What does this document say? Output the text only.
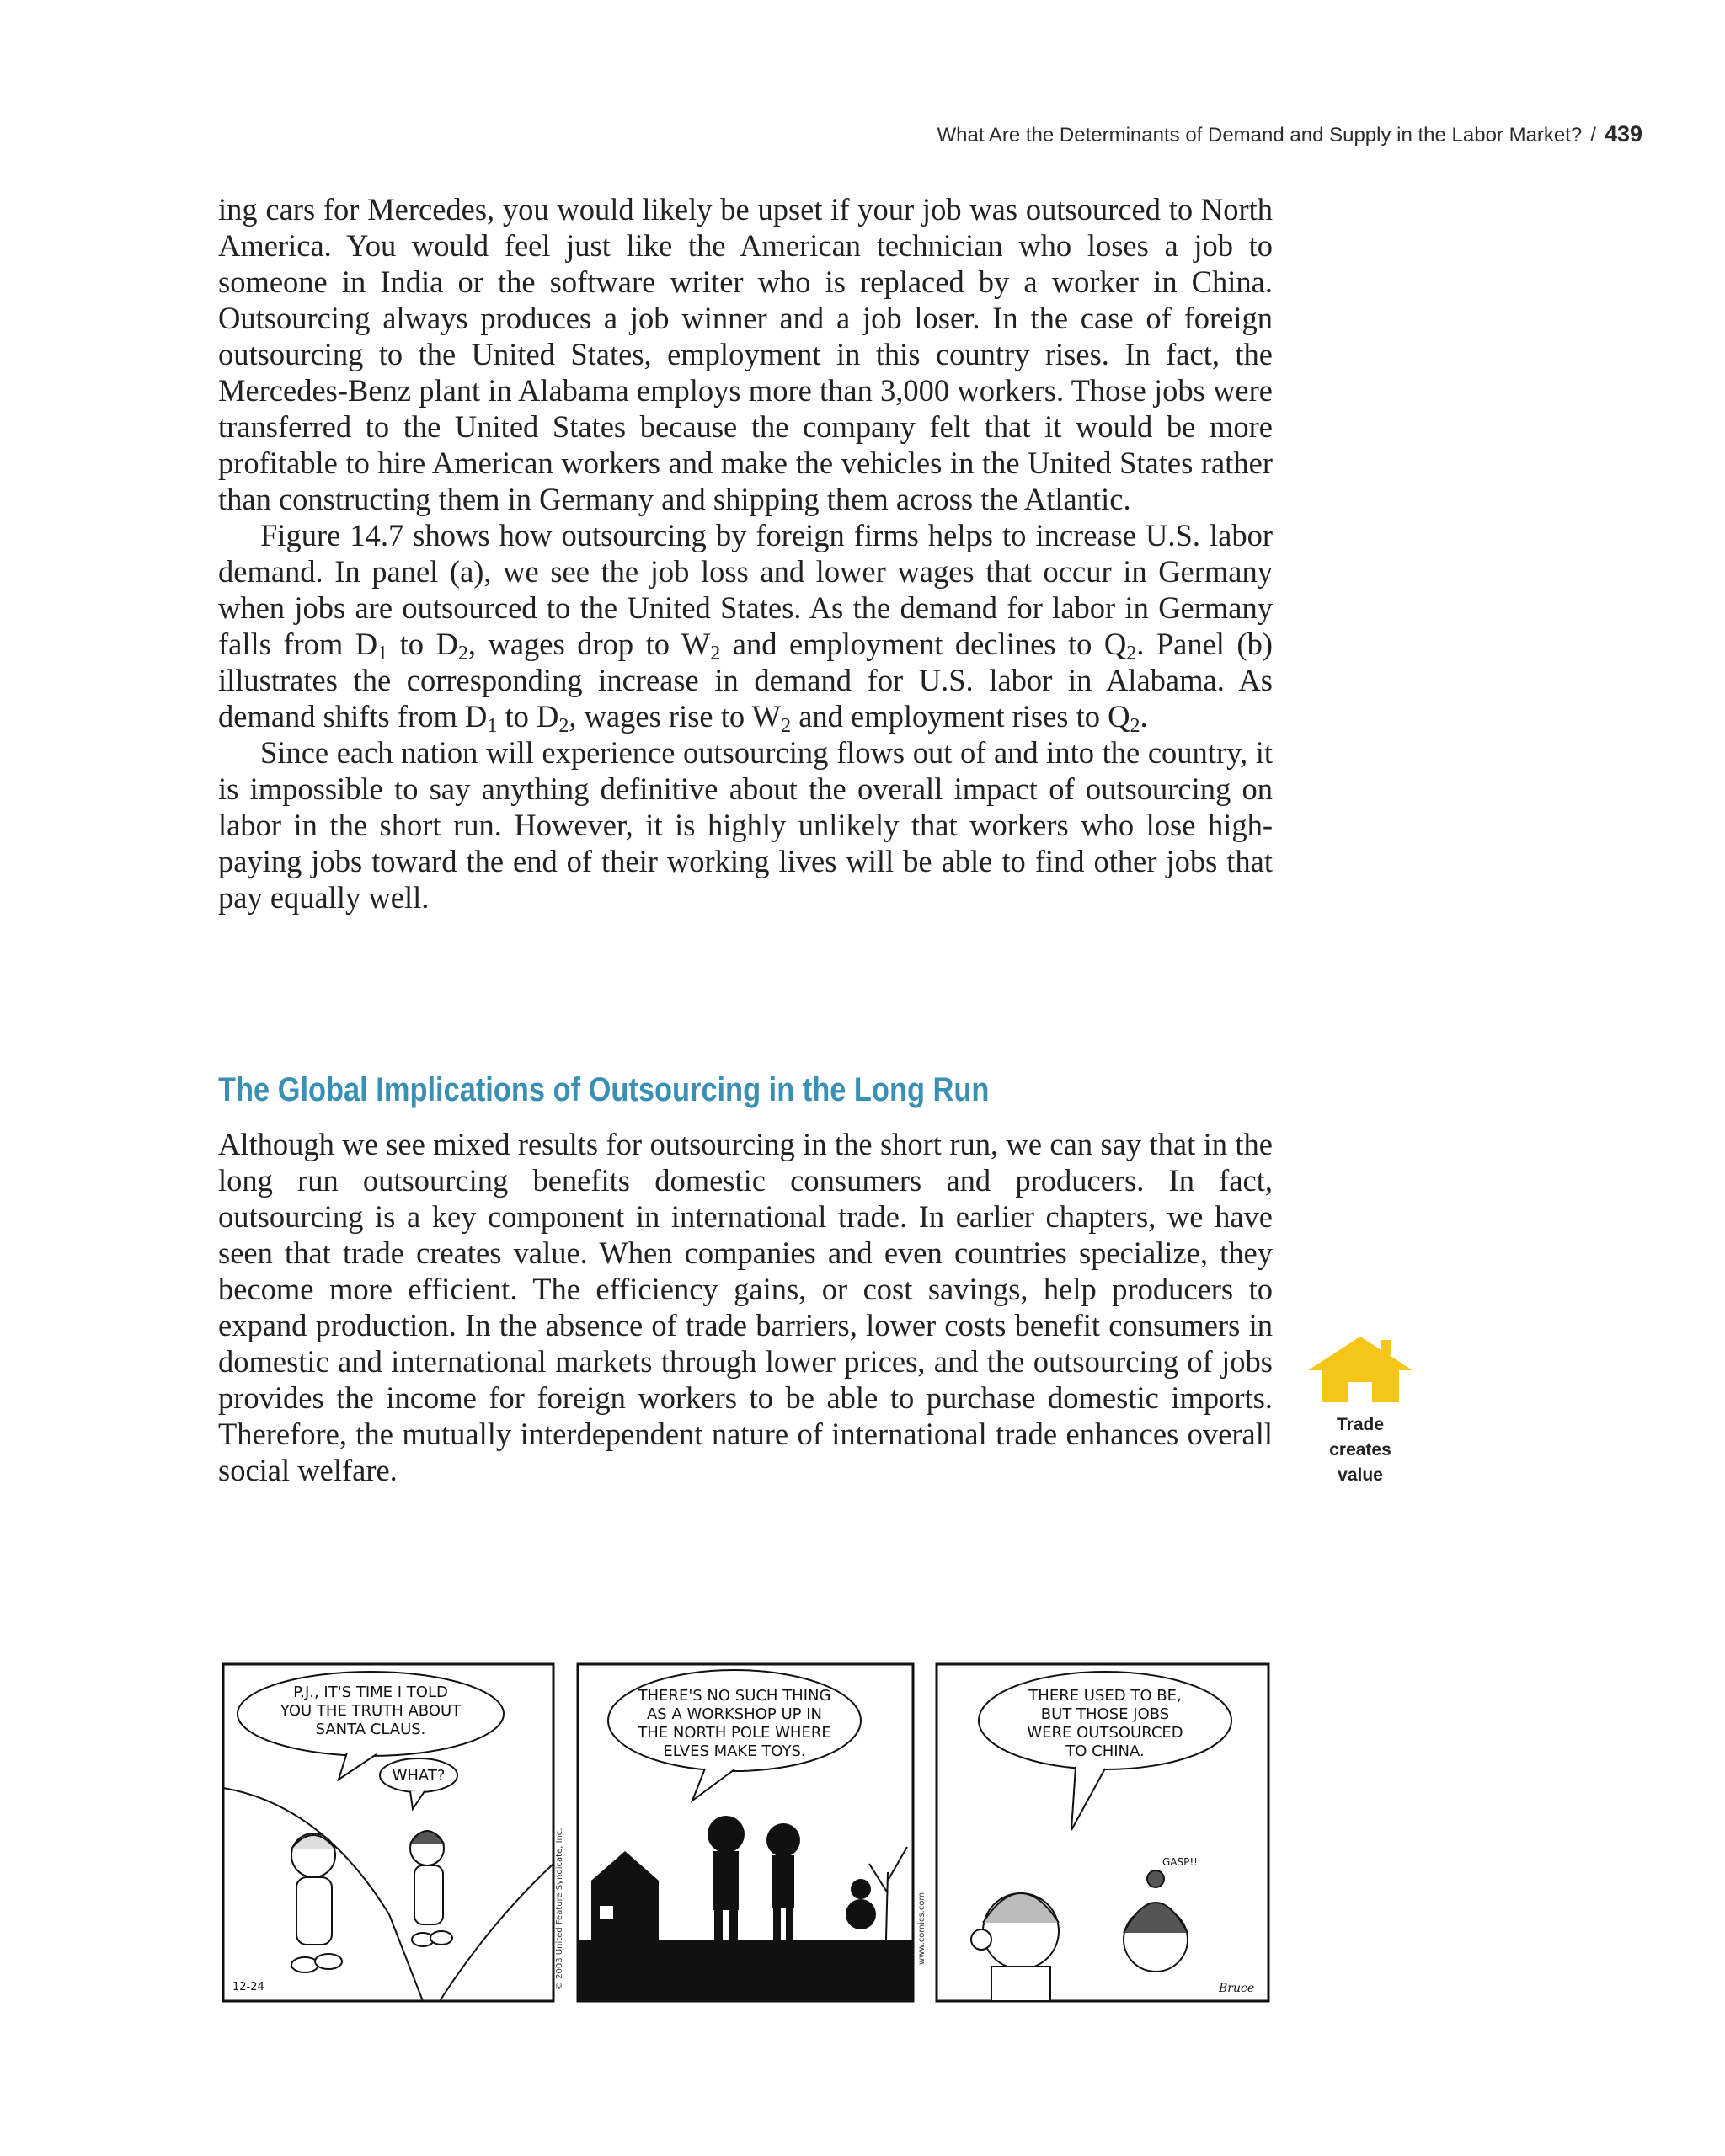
What Are the Determinants of Demand and Supply in the Labor Market? / 439

ing cars for Mercedes, you would likely be upset if your job was outsourced to North America. You would feel just like the American technician who loses a job to someone in India or the software writer who is replaced by a worker in China. Outsourcing always produces a job winner and a job loser. In the case of foreign outsourcing to the United States, employment in this country rises. In fact, the Mercedes-Benz plant in Alabama employs more than 3,000 workers. Those jobs were transferred to the United States because the company felt that it would be more profitable to hire American workers and make the vehicles in the United States rather than constructing them in Germany and shipping them across the Atlantic.

Figure 14.7 shows how outsourcing by foreign firms helps to increase U.S. labor demand. In panel (a), we see the job loss and lower wages that occur in Germany when jobs are outsourced to the United States. As the demand for labor in Germany falls from $D_1$ to $D_2$, wages drop to $W_2$ and employment declines to $Q_2$. Panel (b) illustrates the corresponding increase in demand for U.S. labor in Alabama. As demand shifts from $D_1$ to $D_2$, wages rise to $W_2$ and employment rises to $Q_2$.

Since each nation will experience outsourcing flows out of and into the country, it is impossible to say anything definitive about the overall impact of outsourcing on labor in the short run. However, it is highly unlikely that workers who lose high-paying jobs toward the end of their working lives will be able to find other jobs that pay equally well.

The Global Implications of Outsourcing in the Long Run

Although we see mixed results for outsourcing in the short run, we can say that in the long run outsourcing benefits domestic consumers and producers. In fact, outsourcing is a key component in international trade. In earlier chapters, we have seen that trade creates value. When companies and even countries specialize, they become more efficient. The efficiency gains, or cost savings, help producers to expand production. In the absence of trade barriers, lower costs benefit consumers in domestic and international markets through lower prices, and the outsourcing of jobs provides the income for foreign workers to be able to purchase domestic imports. Therefore, the mutually interdependent nature of international trade enhances overall social welfare.

Trade creates value
P.J., IT'S TIME I TOLD
YOU THE TRUTH ABOUT
SANTA CLAUS.
WHAT?
12-24	© 2003 United Feature Syndicate, Inc.
THERE'S NO SUCH THING
AS A WORKSHOP UP IN
THE NORTH POLE WHERE
ELVES MAKE TOYS.
www.comics.com
THERE USED TO BE,
BUT THOSE JOBS
WERE OUTSOURCED
TO CHINA.
GASP!!
Bruce
